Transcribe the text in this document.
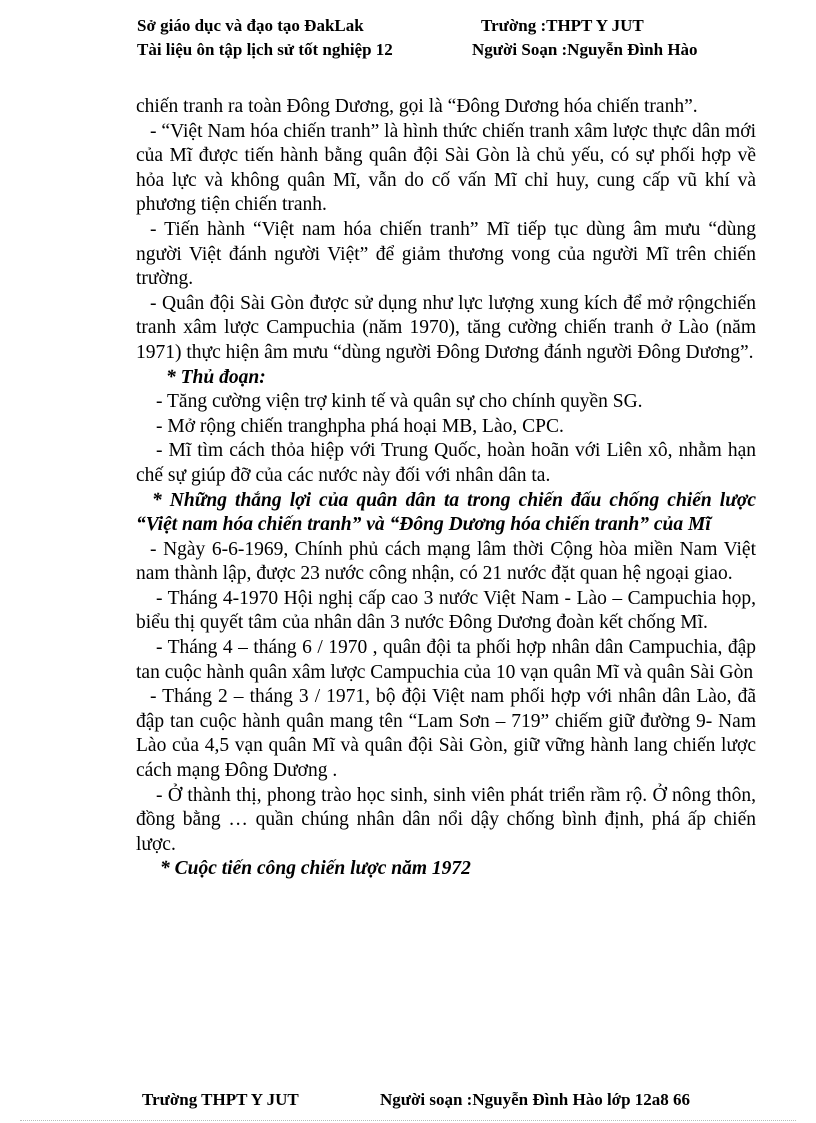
Sở giáo dục và đạo tạo ĐakLak	Trường :THPT Y JUT
Tài liệu ôn tập lịch sử tốt nghiệp 12	Người Soạn :Nguyễn Đình Hào

chiến tranh ra toàn Đông Dương, gọi là “Đông Dương hóa chiến tranh”.

- “Việt Nam hóa chiến tranh” là hình thức chiến tranh xâm lược thực dân mới của Mĩ được tiến hành bằng quân đội Sài Gòn là chủ yếu, có sự phối hợp về hỏa lực và không quân Mĩ, vẫn do cố vấn Mĩ chỉ huy, cung cấp vũ khí và phương tiện chiến tranh.

- Tiến hành “Việt nam hóa chiến tranh” Mĩ tiếp tục dùng âm mưu “dùng người Việt đánh người Việt” để giảm thương vong của người Mĩ trên chiến trường.

- Quân đội Sài Gòn được sử dụng như lực lượng xung kích để mở rộngchiến tranh xâm lược Campuchia (năm 1970), tăng cường chiến tranh ở Lào (năm 1971) thực hiện âm mưu “dùng người Đông Dương đánh người Đông Dương”.

* Thủ đoạn:

- Tăng cường viện trợ kinh tế và quân sự cho chính quyền SG.

- Mở rộng chiến tranghpha phá hoại MB, Lào, CPC.

- Mĩ tìm cách thỏa hiệp với Trung Quốc, hoàn hoãn với Liên xô, nhằm hạn chế sự giúp đỡ của các nước này đối với nhân dân ta.

* Những thắng lợi của quân dân ta trong chiến đấu chống chiến lược “Việt nam hóa chiến tranh” và “Đông Dương hóa chiến tranh” của Mĩ

- Ngày 6-6-1969, Chính phủ cách mạng lâm thời Cộng hòa miền Nam Việt nam thành lập, được 23 nước công nhận, có 21 nước đặt quan hệ ngoại giao.

- Tháng 4-1970 Hội nghị cấp cao 3 nước Việt Nam - Lào – Campuchia họp, biểu thị quyết tâm của nhân dân 3 nước Đông Dương đoàn kết chống Mĩ.

- Tháng 4 – tháng 6 / 1970 , quân đội ta phối hợp nhân dân Campuchia, đập tan cuộc hành quân xâm lược Campuchia của 10 vạn quân Mĩ và quân Sài Gòn

- Tháng 2 – tháng 3 / 1971, bộ đội Việt nam phối hợp với nhân dân Lào, đã đập tan cuộc hành quân mang tên “Lam Sơn – 719” chiếm giữ đường 9- Nam Lào của 4,5 vạn quân Mĩ và quân đội Sài Gòn, giữ vững hành lang chiến lược cách mạng Đông Dương .

- Ở thành thị, phong trào học sinh, sinh viên phát triển rầm rộ. Ở nông thôn, đồng bằng … quần chúng nhân dân nổi dậy chống bình định, phá ấp chiến lược.

* Cuộc tiến công chiến lược năm 1972

Trường THPT Y JUT	Người soạn :Nguyễn Đình Hào lớp 12a8 66
